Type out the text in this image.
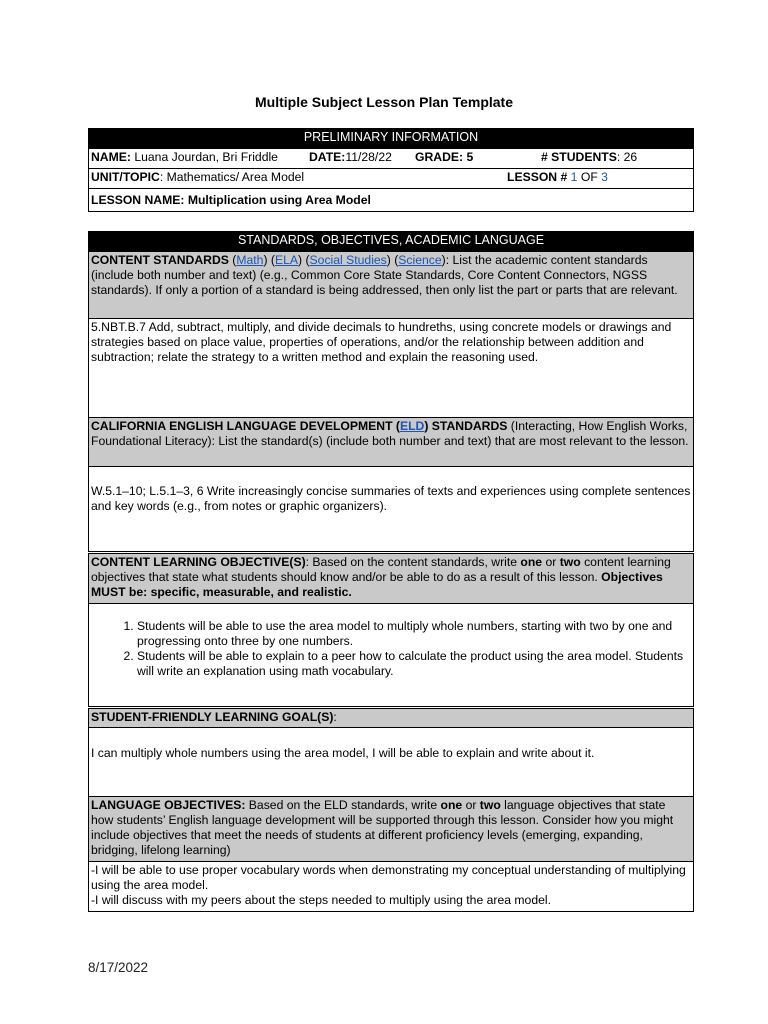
Multiple Subject Lesson Plan Template
PRELIMINARY INFORMATION

NAME: Luana Jourdan, Bri Friddle	DATE:11/28/22	GRADE: 5	# STUDENTS: 26

UNIT/TOPIC: Mathematics/ Area Model	LESSON # 1 OF 3

LESSON NAME: Multiplication using Area Model
STANDARDS, OBJECTIVES, ACADEMIC LANGUAGE
CONTENT STANDARDS (Math) (ELA) (Social Studies) (Science): List the academic content standards (include both number and text) (e.g., Common Core State Standards, Core Content Connectors, NGSS standards). If only a portion of a standard is being addressed, then only list the part or parts that are relevant.
5.NBT.B.7 Add, subtract, multiply, and divide decimals to hundreths, using concrete models or drawings and strategies based on place value, properties of operations, and/or the relationship between addition and subtraction; relate the strategy to a written method and explain the reasoning used.
CALIFORNIA ENGLISH LANGUAGE DEVELOPMENT (ELD) STANDARDS (Interacting, How English Works, Foundational Literacy): List the standard(s) (include both number and text) that are most relevant to the lesson.
W.5.1–10; L.5.1–3, 6 Write increasingly concise summaries of texts and experiences using complete sentences and key words (e.g., from notes or graphic organizers).
CONTENT LEARNING OBJECTIVE(S): Based on the content standards, write one or two content learning objectives that state what students should know and/or be able to do as a result of this lesson. Objectives MUST be: specific, measurable, and realistic.

1. Students will be able to use the area model to multiply whole numbers, starting with two by one and progressing onto three by one numbers.
2. Students will be able to explain to a peer how to calculate the product using the area model. Students will write an explanation using math vocabulary.

STUDENT-FRIENDLY LEARNING GOAL(S):
I can multiply whole numbers using the area model, I will be able to explain and write about it.
LANGUAGE OBJECTIVES: Based on the ELD standards, write one or two language objectives that state how students’ English language development will be supported through this lesson. Consider how you might include objectives that meet the needs of students at different proficiency levels (emerging, expanding, bridging, lifelong learning)

-I will be able to use proper vocabulary words when demonstrating my conceptual understanding of multiplying using the area model.
-I will discuss with my peers about the steps needed to multiply using the area model.
8/17/2022
